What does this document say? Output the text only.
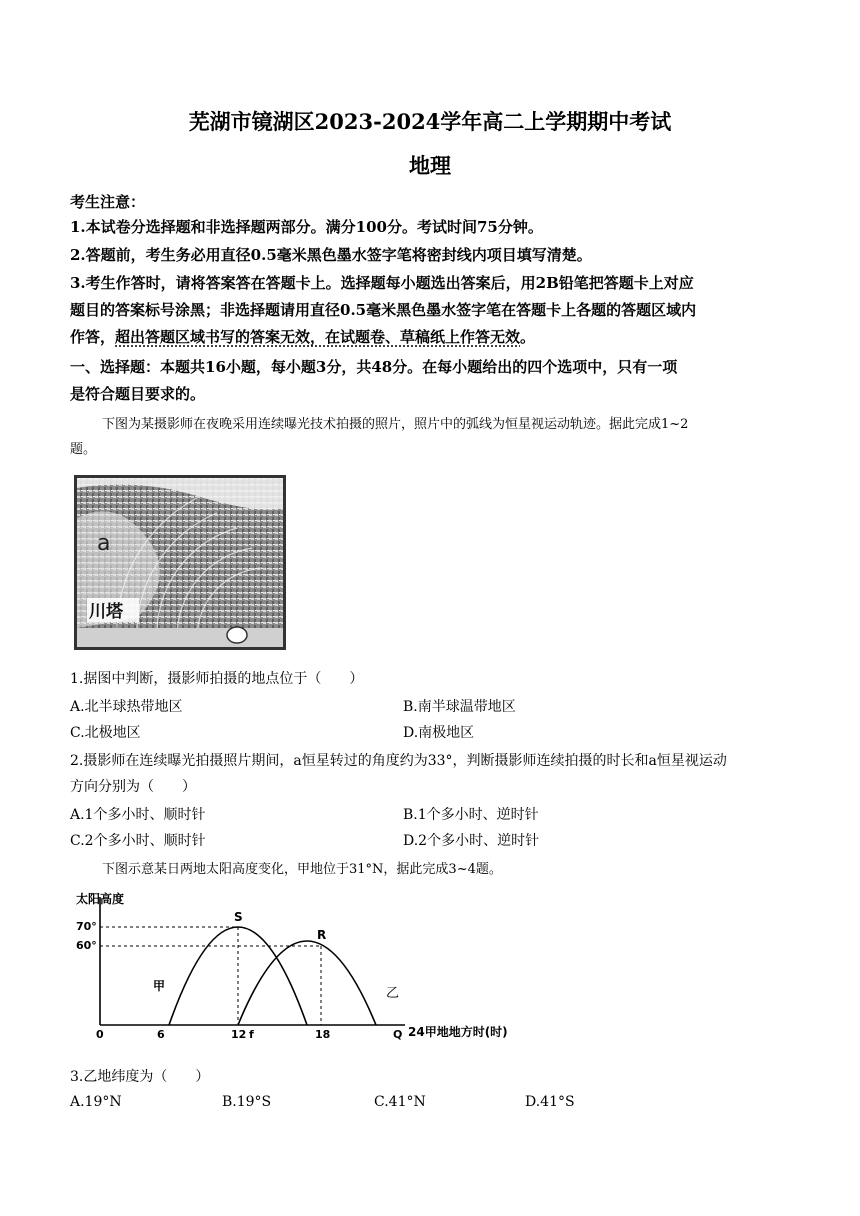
芜湖市镜湖区2023-2024学年高二上学期期中考试
地理
考生注意：
1.本试卷分选择题和非选择题两部分。满分100分。考试时间75分钟。
2.答题前，考生务必用直径0.5毫米黑色墨水签字笔将密封线内项目填写清楚。
3.考生作答时，请将答案答在答题卡上。选择题每小题选出答案后，用2B铅笔把答题卡上对应
题目的答案标号涂黑；非选择题请用直径0.5毫米黑色墨水签字笔在答题卡上各题的答题区域内
作答，超出答题区域书写的答案无效，在试题卷、草稿纸上作答无效。
一、选择题：本题共16小题，每小题3分，共48分。在每小题给出的四个选项中，只有一项
是符合题目要求的。
下图为某摄影师在夜晚采用连续曝光技术拍摄的照片，照片中的弧线为恒星视运动轨迹。据此完成1~2
题。
a
川塔
1.据图中判断，摄影师拍摄的地点位于（　　）
A.北半球热带地区	B.南半球温带地区
C.北极地区	D.南极地区
2.摄影师在连续曝光拍摄照片期间，a恒星转过的角度约为33°，判断摄影师连续拍摄的时长和a恒星视运动
方向分别为（　　）
A.1个多小时、顺时针	B.1个多小时、逆时针
C.2个多小时、顺时针	D.2个多小时、逆时针
下图示意某日两地太阳高度变化，甲地位于31°N，据此完成3~4题。
太阳高度
24甲地地方时(时)
70°
60°
0	6	12 f	18	Q
S
R
甲	乙
3.乙地纬度为（　　）
A.19°N	B.19°S	C.41°N	D.41°S
